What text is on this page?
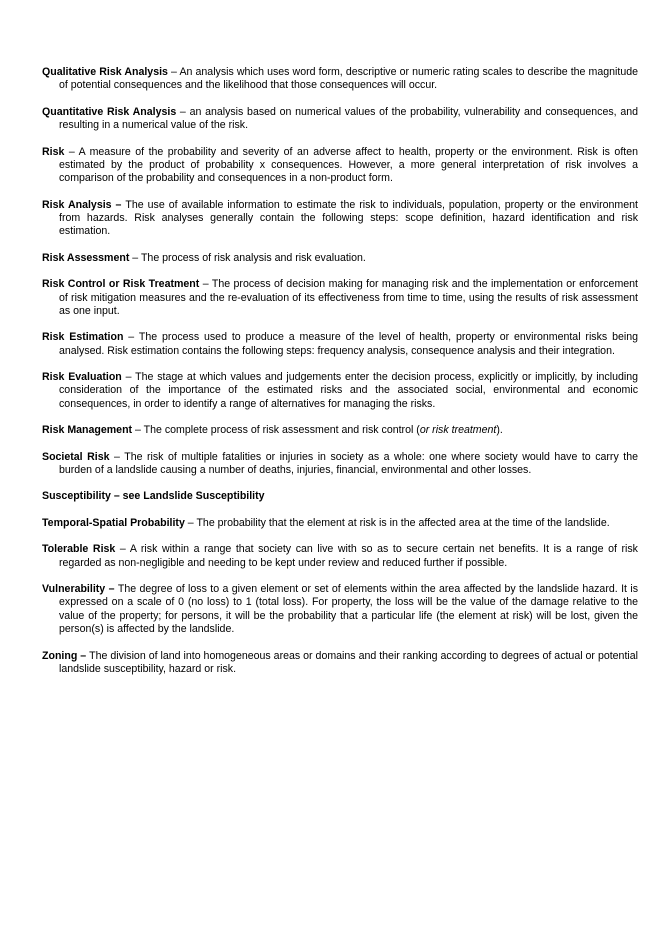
Qualitative Risk Analysis – An analysis which uses word form, descriptive or numeric rating scales to describe the magnitude of potential consequences and the likelihood that those consequences will occur.

Quantitative Risk Analysis – an analysis based on numerical values of the probability, vulnerability and consequences, and resulting in a numerical value of the risk.

Risk – A measure of the probability and severity of an adverse affect to health, property or the environment. Risk is often estimated by the product of probability x consequences. However, a more general interpretation of risk involves a comparison of the probability and consequences in a non-product form.

Risk Analysis – The use of available information to estimate the risk to individuals, population, property or the environment from hazards. Risk analyses generally contain the following steps: scope definition, hazard identification and risk estimation.

Risk Assessment – The process of risk analysis and risk evaluation.

Risk Control or Risk Treatment – The process of decision making for managing risk and the implementation or enforcement of risk mitigation measures and the re-evaluation of its effectiveness from time to time, using the results of risk assessment as one input.

Risk Estimation – The process used to produce a measure of the level of health, property or environmental risks being analysed. Risk estimation contains the following steps: frequency analysis, consequence analysis and their integration.

Risk Evaluation – The stage at which values and judgements enter the decision process, explicitly or implicitly, by including consideration of the importance of the estimated risks and the associated social, environmental and economic consequences, in order to identify a range of alternatives for managing the risks.

Risk Management – The complete process of risk assessment and risk control (or risk treatment).

Societal Risk – The risk of multiple fatalities or injuries in society as a whole: one where society would have to carry the burden of a landslide causing a number of deaths, injuries, financial, environmental and other losses.

Susceptibility – see Landslide Susceptibility

Temporal-Spatial Probability – The probability that the element at risk is in the affected area at the time of the landslide.

Tolerable Risk – A risk within a range that society can live with so as to secure certain net benefits. It is a range of risk regarded as non-negligible and needing to be kept under review and reduced further if possible.

Vulnerability – The degree of loss to a given element or set of elements within the area affected by the landslide hazard. It is expressed on a scale of 0 (no loss) to 1 (total loss). For property, the loss will be the value of the damage relative to the value of the property; for persons, it will be the probability that a particular life (the element at risk) will be lost, given the person(s) is affected by the landslide.

Zoning – The division of land into homogeneous areas or domains and their ranking according to degrees of actual or potential landslide susceptibility, hazard or risk.
